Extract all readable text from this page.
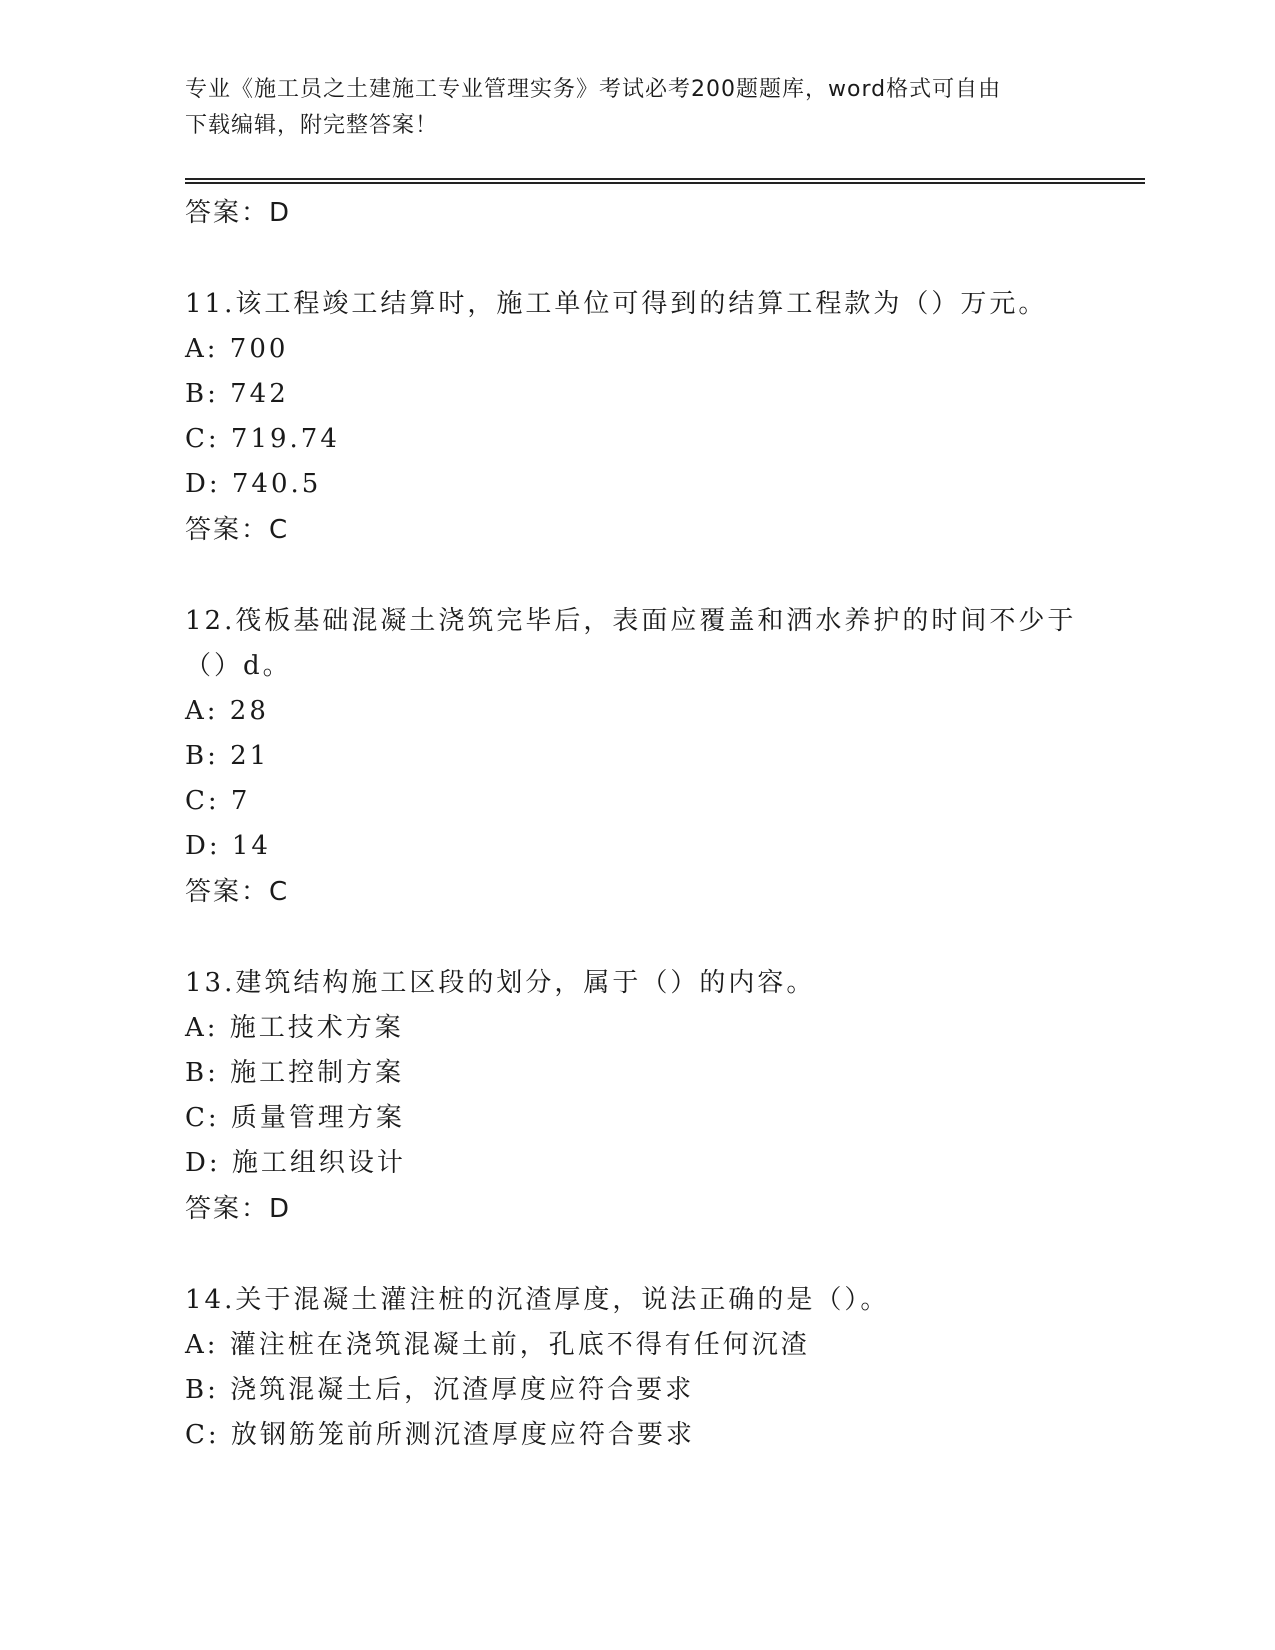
专业《施工员之土建施工专业管理实务》考试必考200题题库，word格式可自由
下载编辑，附完整答案！
答案：D
11.该工程竣工结算时，施工单位可得到的结算工程款为（）万元。
A: 700
B: 742
C: 719.74
D: 740.5
答案：C
12.筏板基础混凝土浇筑完毕后，表面应覆盖和洒水养护的时间不少于
（）d。
A: 28
B: 21
C: 7
D: 14
答案：C
13.建筑结构施工区段的划分，属于（）的内容。
A: 施工技术方案
B: 施工控制方案
C: 质量管理方案
D: 施工组织设计
答案：D
14.关于混凝土灌注桩的沉渣厚度，说法正确的是（）。
A: 灌注桩在浇筑混凝土前，孔底不得有任何沉渣
B: 浇筑混凝土后，沉渣厚度应符合要求
C: 放钢筋笼前所测沉渣厚度应符合要求
